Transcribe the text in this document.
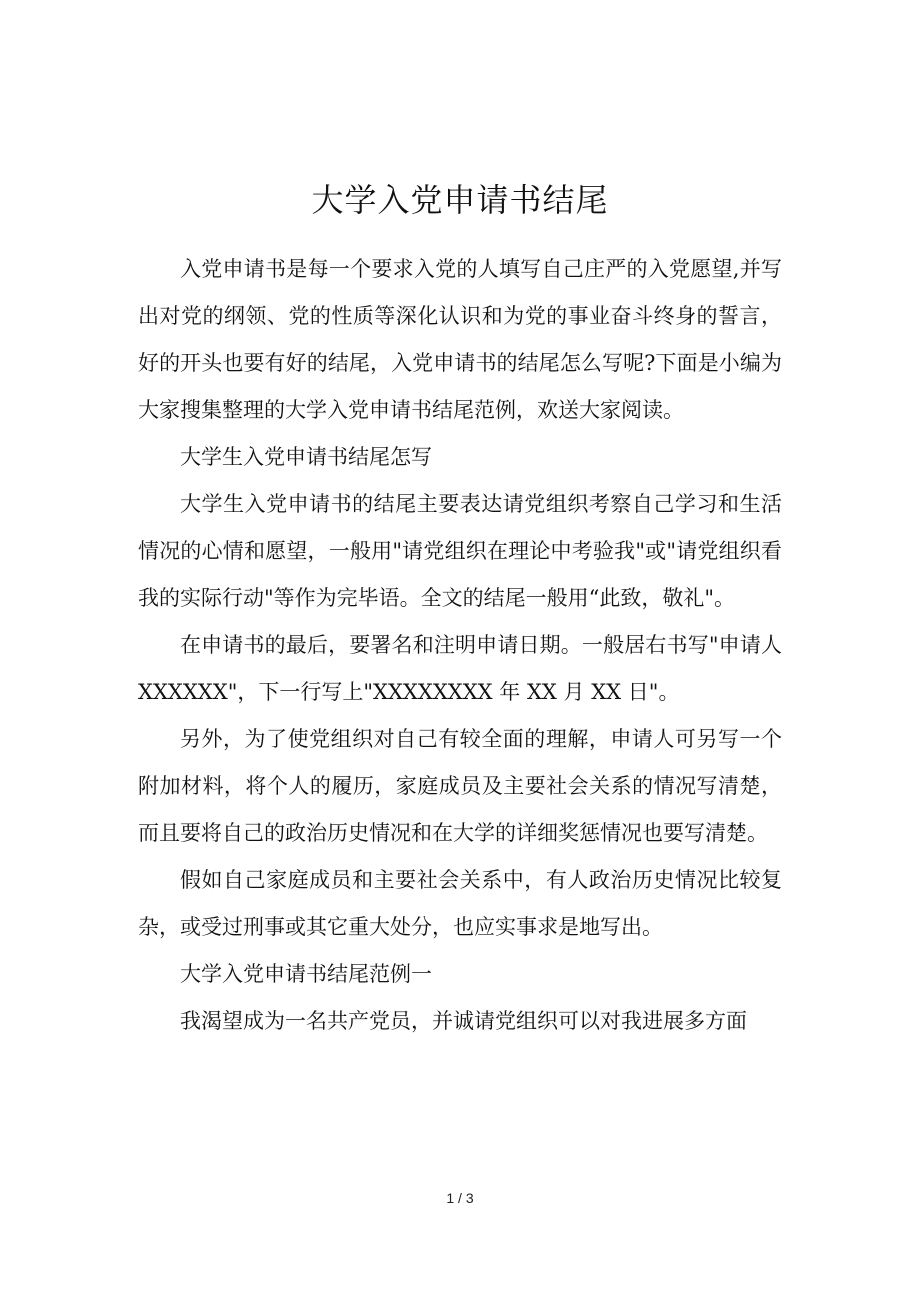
大学入党申请书结尾

入党申请书是每一个要求入党的人填写自己庄严的入党愿望,并写出对党的纲领、党的性质等深化认识和为党的事业奋斗终身的誓言，好的开头也要有好的结尾，入党申请书的结尾怎么写呢?下面是小编为大家搜集整理的大学入党申请书结尾范例，欢送大家阅读。

大学生入党申请书结尾怎写

大学生入党申请书的结尾主要表达请党组织考察自己学习和生活情况的心情和愿望，一般用"请党组织在理论中考验我"或"请党组织看我的实际行动"等作为完毕语。全文的结尾一般用“此致，敬礼"。

在申请书的最后，要署名和注明申请日期。一般居右书写"申请人 XXXXXX"，下一行写上"XXXXXXXX 年 XX 月 XX 日"。

另外，为了使党组织对自己有较全面的理解，申请人可另写一个附加材料，将个人的履历，家庭成员及主要社会关系的情况写清楚，而且要将自己的政治历史情况和在大学的详细奖惩情况也要写清楚。

假如自己家庭成员和主要社会关系中，有人政治历史情况比较复杂，或受过刑事或其它重大处分，也应实事求是地写出。

大学入党申请书结尾范例一

我渴望成为一名共产党员，并诚请党组织可以对我进展多方面

1 / 3
